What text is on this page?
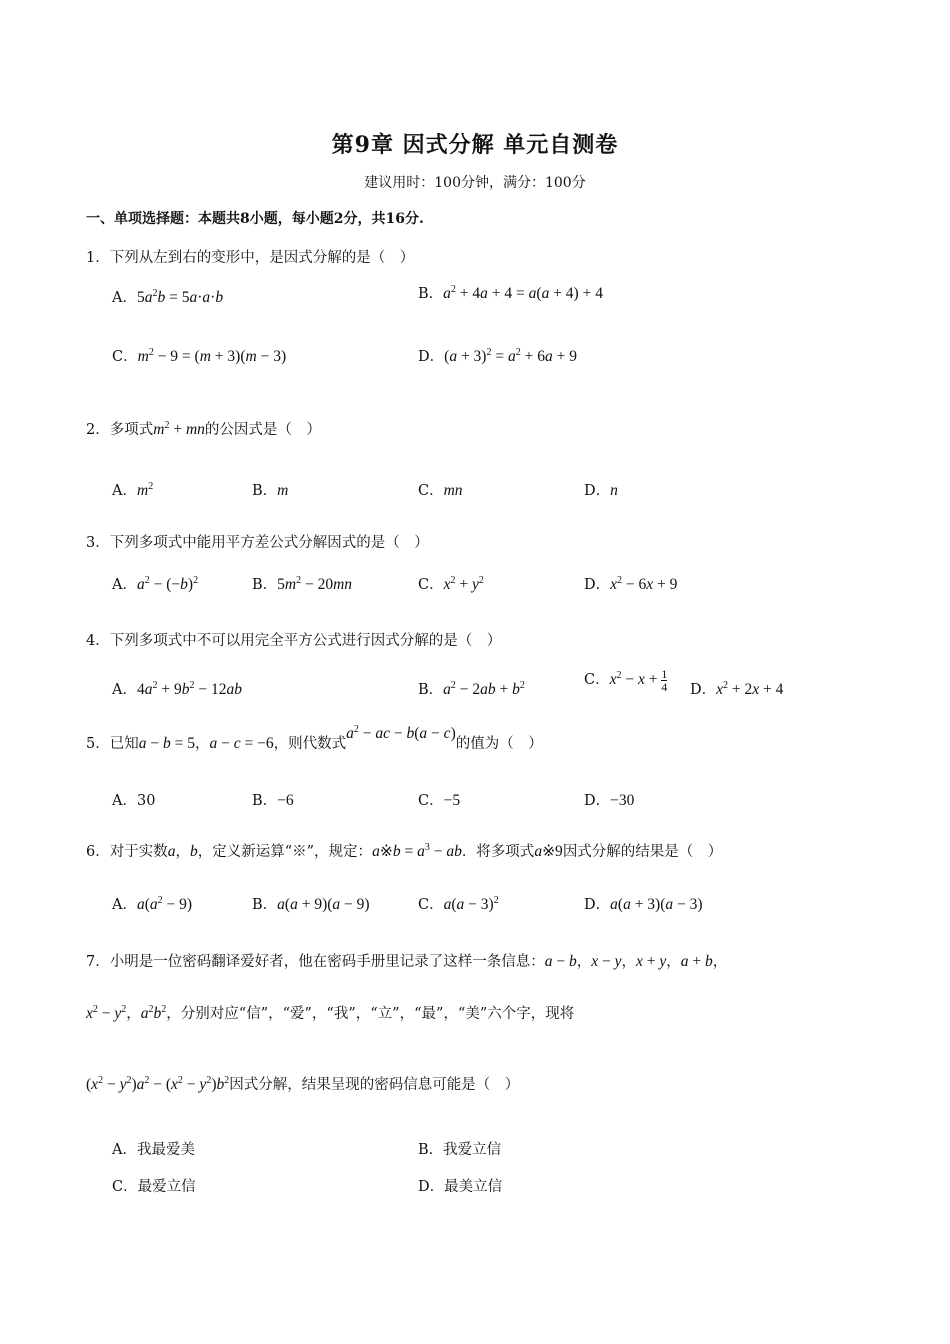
第9章 因式分解 单元自测卷
建议用时：100分钟，满分：100分
一、单项选择题：本题共8小题，每小题2分，共16分.
1．下列从左到右的变形中，是因式分解的是（　）
A．$5a^2b = 5a\cdot a\cdot b$	B．$a^2 + 4a + 4 = a(a + 4) + 4$
C．$m^2 - 9 = (m + 3)(m - 3)$	D．$(a + 3)^2 = a^2 + 6a + 9$
2．多项式$m^2$ + mn的公因式是（　）
A．$m^2$	B．m	C．mn	D．n
3．下列多项式中能用平方差公式分解因式的是（　）
A．$a^2 - (-b)^2$	B．$5m^2 - 20mn$	C．$x^2 + y^2$	D．$x^2 - 6x + 9$
4．下列多项式中不可以用完全平方公式进行因式分解的是（　）
A．$4a^2 + 9b^2 - 12ab$	B．$a^2 - 2ab + b^2$	C．$x^2 - x + \frac{1}{4}$ D．$x^2 + 2x + 4$
5．已知a − b = 5，a − c = −6，则代数式$a^2$ − ac − b(a − c)的值为（　）
A．30	B．−6	C．−5	D．−30
6．对于实数a，b，定义新运算“※”，规定：a※b = $a^3$ − ab．将多项式a※9因式分解的结果是（　）
A．$a(a^2 - 9)$	B．a(a + 9)(a − 9)	C．$a(a - 3)^2$	D．a(a + 3)(a − 3)
7．小明是一位密码翻译爱好者，他在密码手册里记录了这样一条信息：a − b，x − y，x + y，a + b，
$x^2 - y^2$，$a^2b^2$，分别对应“信”，“爱”，“我”，“立”，“最”，“美”六个字，现将
$(x^2 - y^2)a^2 - (x^2 - y^2)b^2$因式分解，结果呈现的密码信息可能是（　）
A．我最爱美	B．我爱立信
C．最爱立信	D．最美立信
